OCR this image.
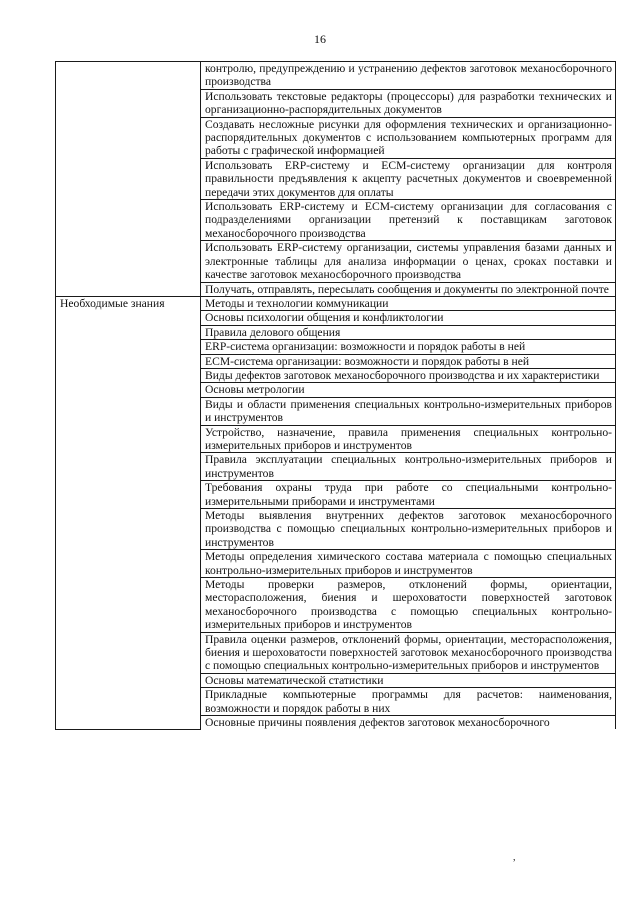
16
	контролю, предупреждению и устранению дефектов заготовок механосборочного производства
	Использовать текстовые редакторы (процессоры) для разработки технических и организационно-распорядительных документов
	Создавать несложные рисунки для оформления технических и организационно-распорядительных документов с использованием компьютерных программ для работы с графической информацией
	Использовать ERP-систему и ECM-систему организации для контроля правильности предъявления к акцепту расчетных документов и своевременной передачи этих документов для оплаты
	Использовать ERP-систему и ECM-систему организации для согласования с подразделениями организации претензий к поставщикам заготовок механосборочного производства
	Использовать ERP-систему организации, системы управления базами данных и электронные таблицы для анализа информации о ценах, сроках поставки и качестве заготовок механосборочного производства
	Получать, отправлять, пересылать сообщения и документы по электронной почте
Необходимые знания	Методы и технологии коммуникации
	Основы психологии общения и конфликтологии
	Правила делового общения
	ERP-система организации: возможности и порядок работы в ней
	ECM-система организации: возможности и порядок работы в ней
	Виды дефектов заготовок механосборочного производства и их характеристики
	Основы метрологии
	Виды и области применения специальных контрольно-измерительных приборов и инструментов
	Устройство, назначение, правила применения специальных контрольно-измерительных приборов и инструментов
	Правила эксплуатации специальных контрольно-измерительных приборов и инструментов
	Требования охраны труда при работе со специальными контрольно-измерительными приборами и инструментами
	Методы выявления внутренних дефектов заготовок механосборочного производства с помощью специальных контрольно-измерительных приборов и инструментов
	Методы определения химического состава материала с помощью специальных контрольно-измерительных приборов и инструментов
	Методы проверки размеров, отклонений формы, ориентации, месторасположения, биения и шероховатости поверхностей заготовок механосборочного производства с помощью специальных контрольно-измерительных приборов и инструментов
	Правила оценки размеров, отклонений формы, ориентации, месторасположения, биения и шероховатости поверхностей заготовок механосборочного производства с помощью специальных контрольно-измерительных приборов и инструментов
	Основы математической статистики
	Прикладные компьютерные программы для расчетов: наименования, возможности и порядок работы в них

	Основные причины появления дефектов заготовок механосборочного
,
